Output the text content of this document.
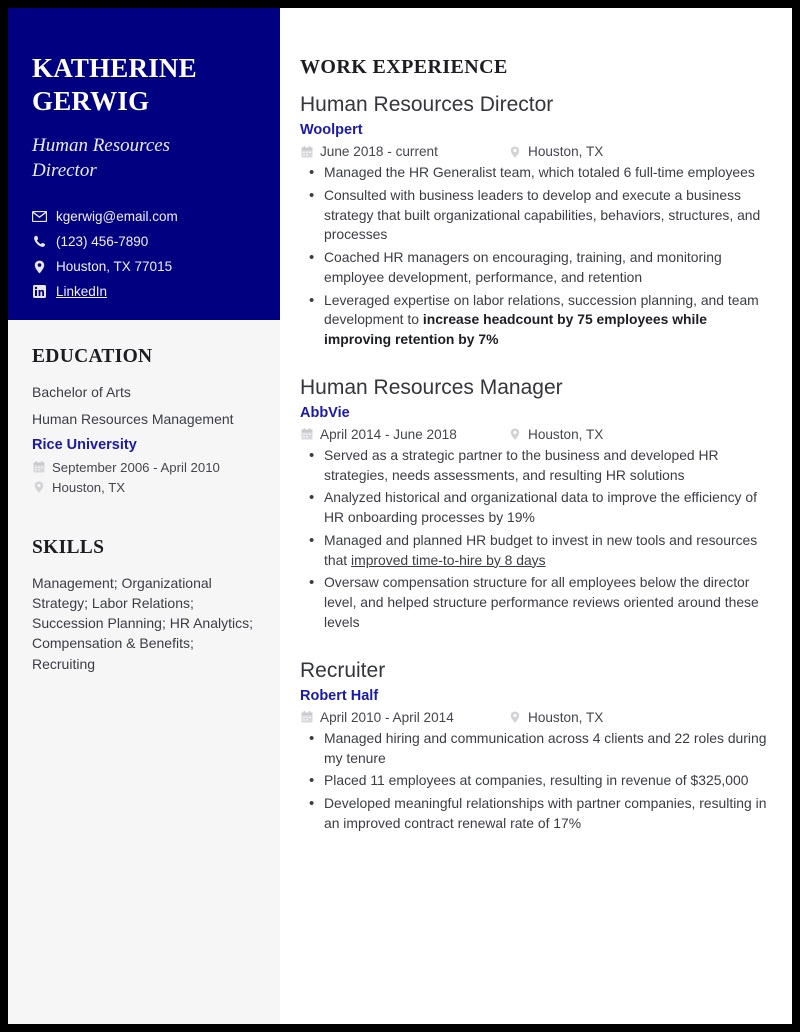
KATHERINE
GERWIG
Human Resources
Director
kgerwig@email.com
(123) 456-7890
Houston, TX 77015
LinkedIn
EDUCATION
Bachelor of Arts
Human Resources Management
Rice University
September 2006 - April 2010
Houston, TX
SKILLS
Management; Organizational Strategy; Labor Relations; Succession Planning; HR Analytics; Compensation & Benefits; Recruiting
WORK EXPERIENCE
Human Resources Director
Woolpert
June 2018 - current	Houston, TX
• Managed the HR Generalist team, which totaled 6 full-time employees
• Consulted with business leaders to develop and execute a business strategy that built organizational capabilities, behaviors, structures, and processes
• Coached HR managers on encouraging, training, and monitoring employee development, performance, and retention
• Leveraged expertise on labor relations, succession planning, and team development to increase headcount by 75 employees while improving retention by 7%
Human Resources Manager
AbbVie
April 2014 - June 2018	Houston, TX
• Served as a strategic partner to the business and developed HR strategies, needs assessments, and resulting HR solutions
• Analyzed historical and organizational data to improve the efficiency of HR onboarding processes by 19%
• Managed and planned HR budget to invest in new tools and resources that improved time-to-hire by 8 days
• Oversaw compensation structure for all employees below the director level, and helped structure performance reviews oriented around these levels
Recruiter
Robert Half
April 2010 - April 2014	Houston, TX
• Managed hiring and communication across 4 clients and 22 roles during my tenure
• Placed 11 employees at companies, resulting in revenue of $325,000
• Developed meaningful relationships with partner companies, resulting in an improved contract renewal rate of 17%
